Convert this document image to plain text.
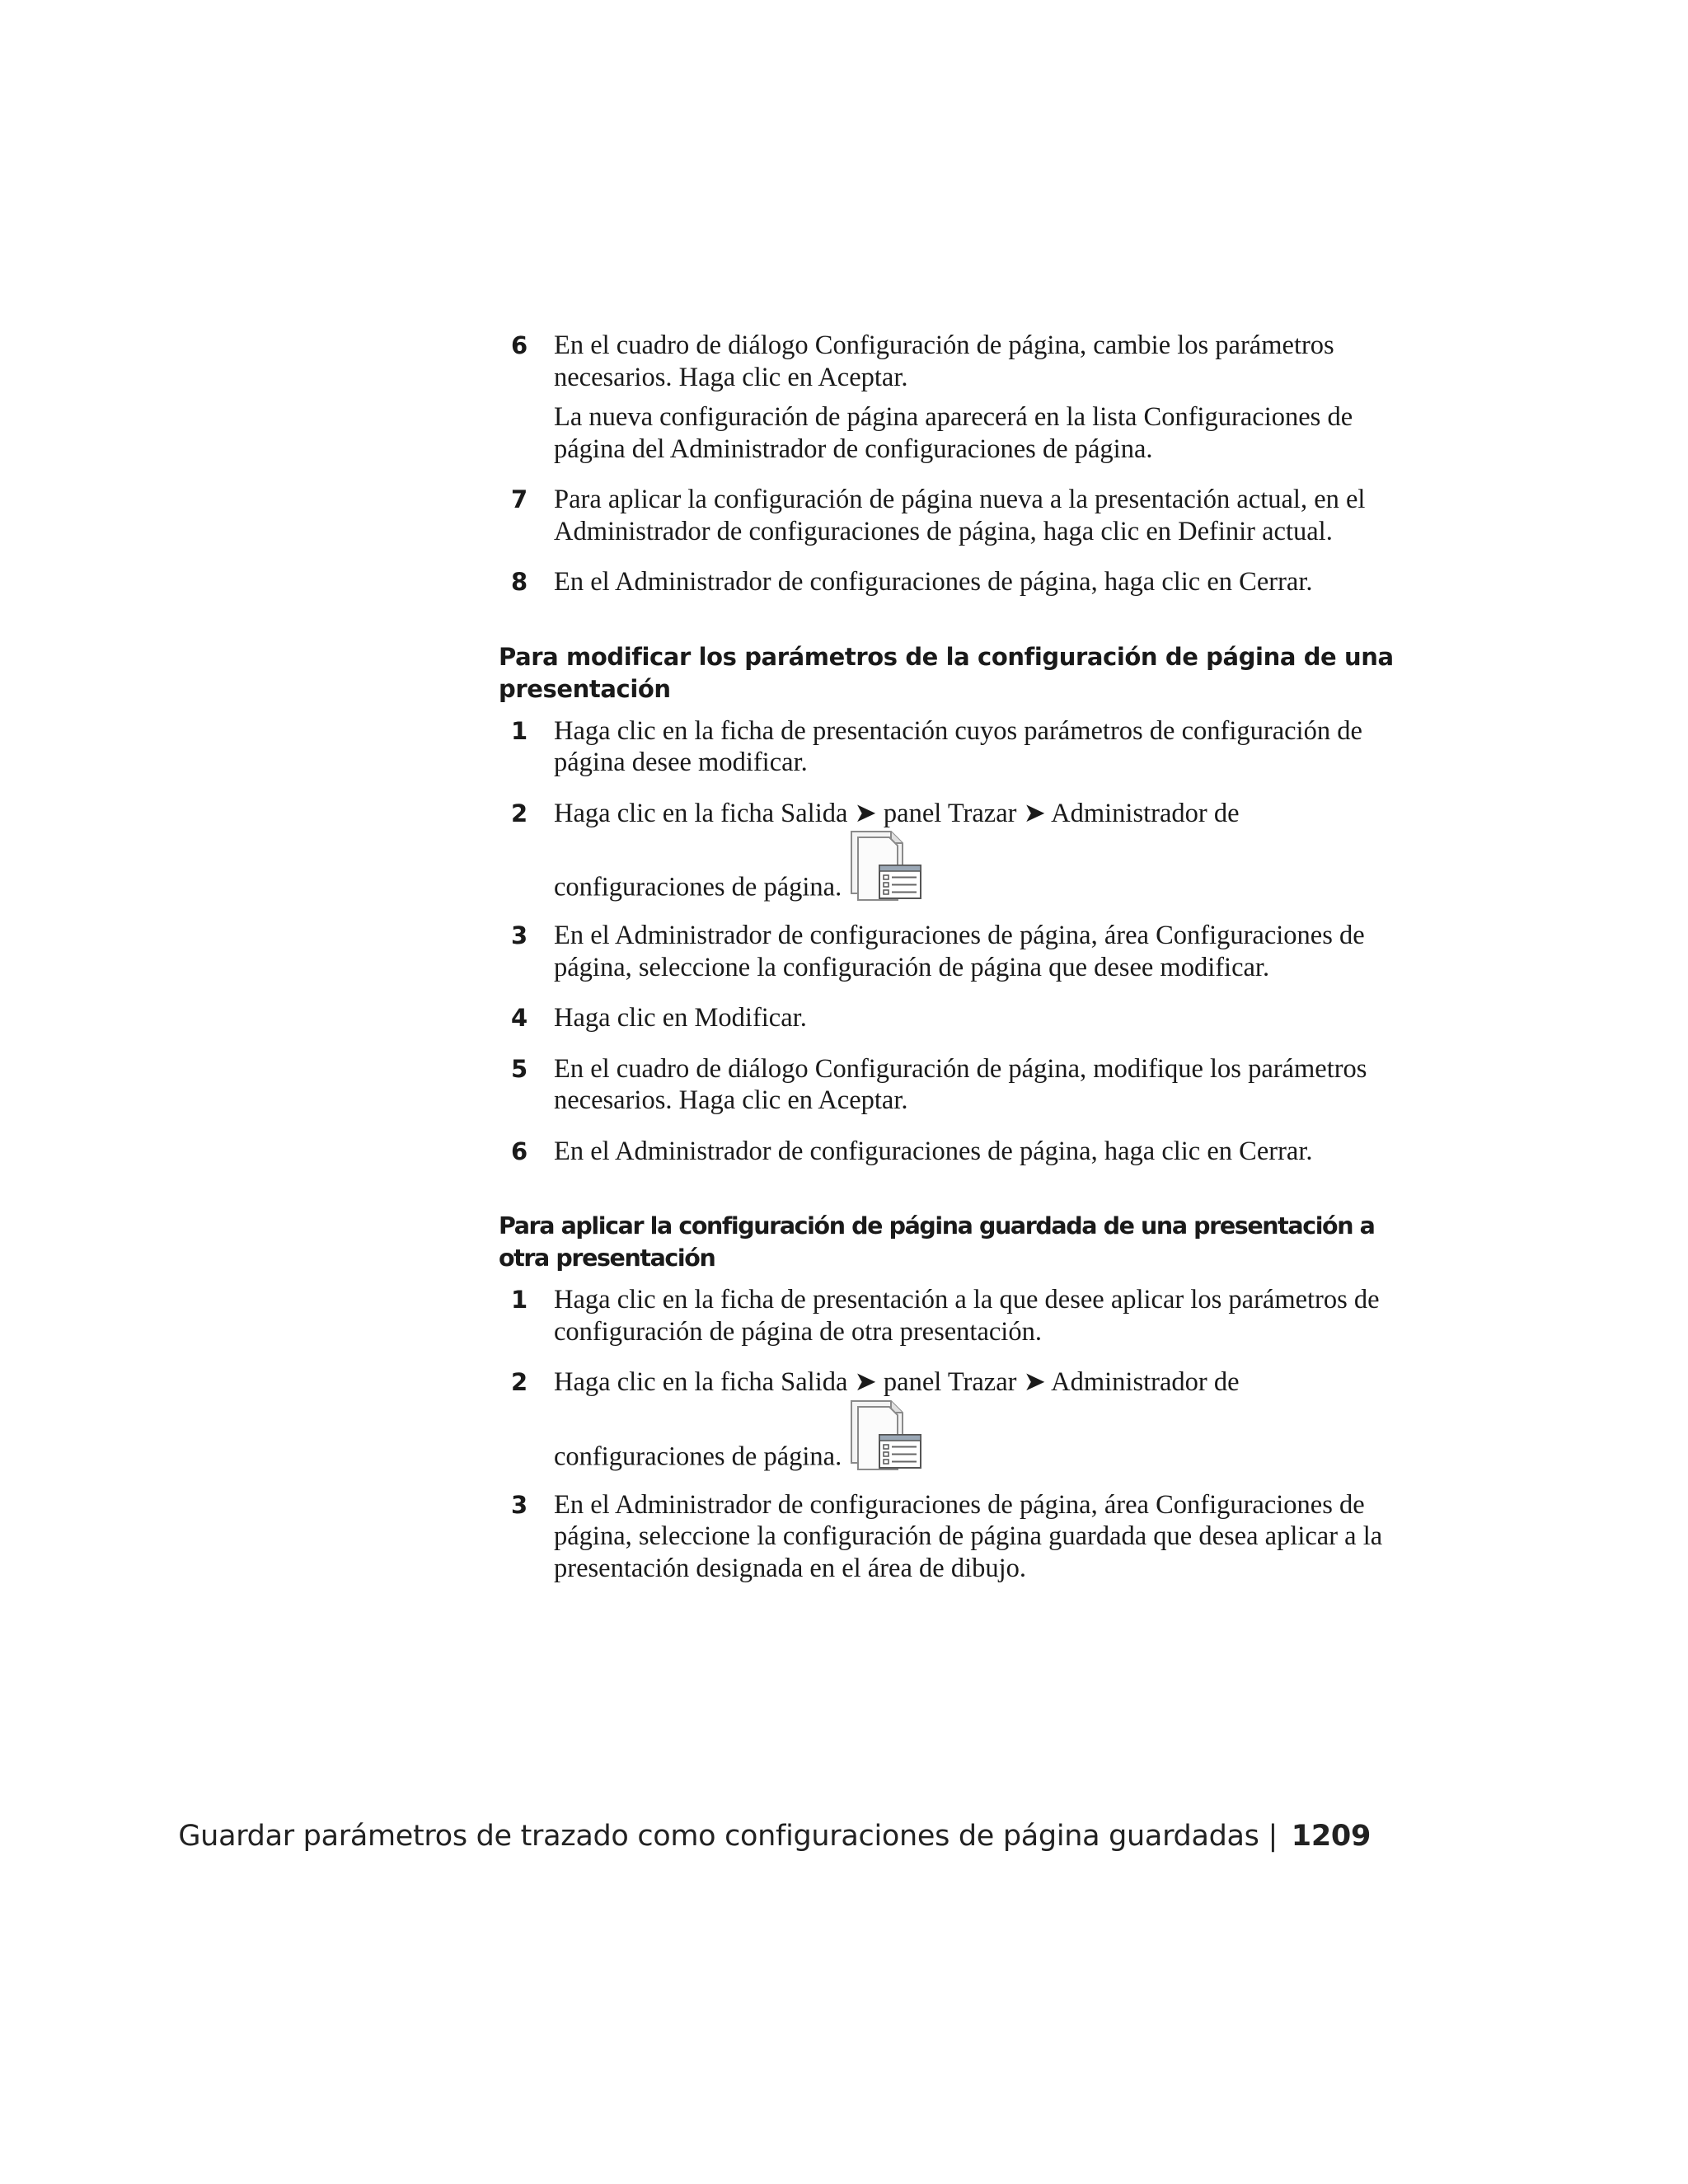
6 En el cuadro de diálogo Configuración de página, cambie los parámetros necesarios. Haga clic en Aceptar.

La nueva configuración de página aparecerá en la lista Configuraciones de página del Administrador de configuraciones de página.

7 Para aplicar la configuración de página nueva a la presentación actual, en el Administrador de configuraciones de página, haga clic en Definir actual.

8 En el Administrador de configuraciones de página, haga clic en Cerrar.

Para modificar los parámetros de la configuración de página de una presentación
1 Haga clic en la ficha de presentación cuyos parámetros de configuración de página desee modificar.

2 Haga clic en la ficha Salida ➤ panel Trazar ➤ Administrador de

configuraciones de página.

3 En el Administrador de configuraciones de página, área Configuraciones de página, seleccione la configuración de página que desee modificar.

4 Haga clic en Modificar.

5 En el cuadro de diálogo Configuración de página, modifique los parámetros necesarios. Haga clic en Aceptar.

6 En el Administrador de configuraciones de página, haga clic en Cerrar.

Para aplicar la configuración de página guardada de una presentación a otra presentación
1 Haga clic en la ficha de presentación a la que desee aplicar los parámetros de configuración de página de otra presentación.

2 Haga clic en la ficha Salida ➤ panel Trazar ➤ Administrador de

configuraciones de página.

3 En el Administrador de configuraciones de página, área Configuraciones de página, seleccione la configuración de página guardada que desea aplicar a la presentación designada en el área de dibujo.

Guardar parámetros de trazado como configuraciones de página guardadas | 1209
